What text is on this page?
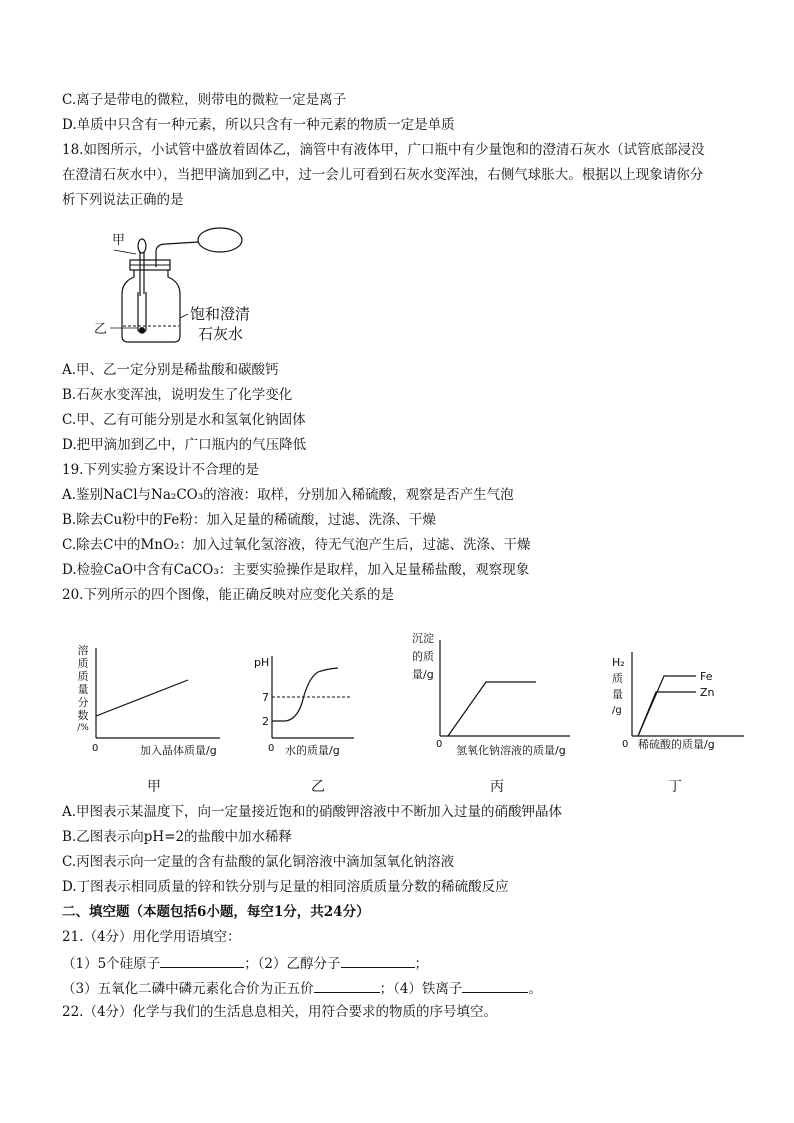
C.离子是带电的微粒，则带电的微粒一定是离子
D.单质中只含有一种元素，所以只含有一种元素的物质一定是单质
18.如图所示，小试管中盛放着固体乙，滴管中有液体甲，广口瓶中有少量饱和的澄清石灰水（试管底部浸没
在澄清石灰水中），当把甲滴加到乙中，过一会儿可看到石灰水变浑浊，右侧气球胀大。根据以上现象请你分
析下列说法正确的是
甲
乙
饱和澄清
石灰水
A.甲、乙一定分别是稀盐酸和碳酸钙
B.石灰水变浑浊，说明发生了化学变化
C.甲、乙有可能分别是水和氢氧化钠固体
D.把甲滴加到乙中，广口瓶内的气压降低
19.下列实验方案设计不合理的是
A.鉴别NaCl与Na₂CO₃的溶液：取样，分别加入稀硫酸，观察是否产生气泡
B.除去Cu粉中的Fe粉：加入足量的稀硫酸，过滤、洗涤、干燥
C.除去C中的MnO₂：加入过氧化氢溶液，待无气泡产生后，过滤、洗涤、干燥
D.检验CaO中含有CaCO₃：主要实验操作是取样，加入足量稀盐酸，观察现象
20.下列所示的四个图像，能正确反映对应变化关系的是
溶
质
质
量
分
数
/%
0	加入晶体质量/g
甲
pH
7
2
0 水的质量/g
乙
沉淀
的质
量/g
0 氢氧化钠溶液的质量/g
丙
H₂
质
量
/g
Fe
Zn
0 稀硫酸的质量/g
丁
A.甲图表示某温度下，向一定量接近饱和的硝酸钾溶液中不断加入过量的硝酸钾晶体
B.乙图表示向pH=2的盐酸中加水稀释
C.丙图表示向一定量的含有盐酸的氯化铜溶液中滴加氢氧化钠溶液
D.丁图表示相同质量的锌和铁分别与足量的相同溶质质量分数的稀硫酸反应
二、填空题（本题包括6小题，每空1分，共24分）
21.（4分）用化学用语填空：
（1）5个硅原子	；（2）乙醇分子	；
（3）五氧化二磷中磷元素化合价为正五价	；（4）铁离子	。
22.（4分）化学与我们的生活息息相关，用符合要求的物质的序号填空。
